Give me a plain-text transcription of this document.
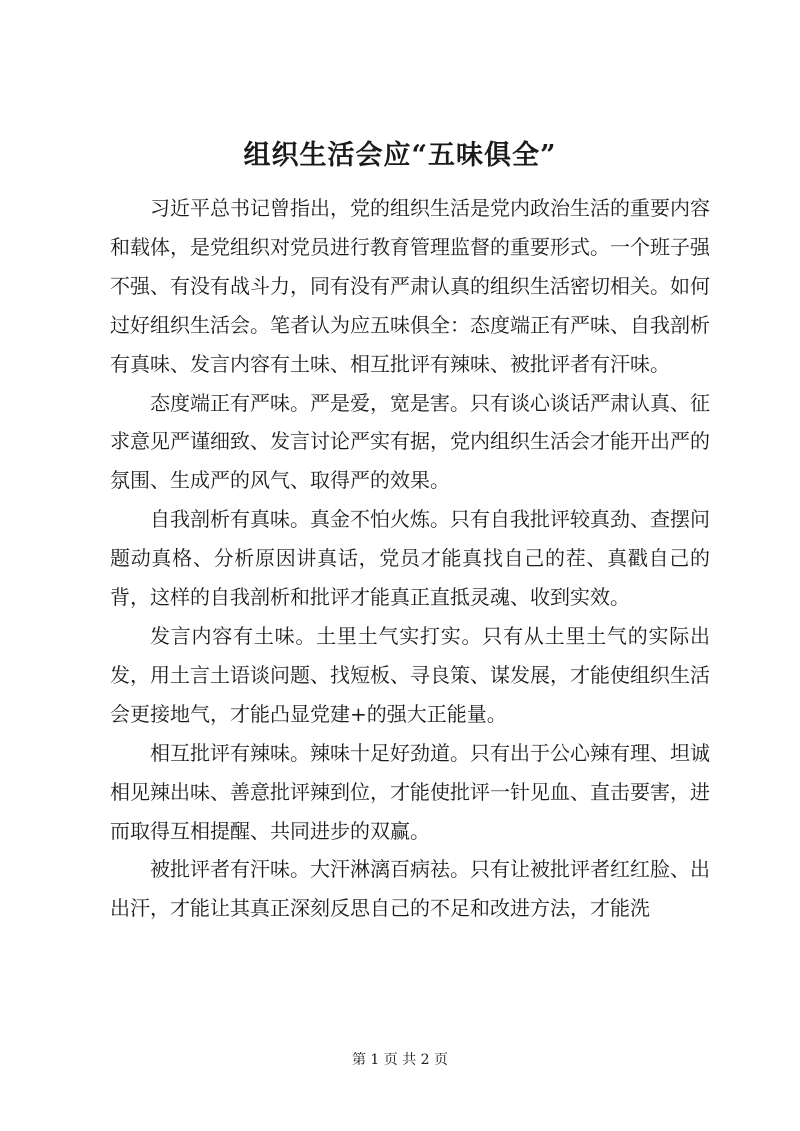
组织生活会应“五味俱全”

习近平总书记曾指出，党的组织生活是党内政治生活的重要内容和载体，是党组织对党员进行教育管理监督的重要形式。一个班子强不强、有没有战斗力，同有没有严肃认真的组织生活密切相关。如何过好组织生活会。笔者认为应五味俱全：态度端正有严味、自我剖析有真味、发言内容有土味、相互批评有辣味、被批评者有汗味。

态度端正有严味。严是爱，宽是害。只有谈心谈话严肃认真、征求意见严谨细致、发言讨论严实有据，党内组织生活会才能开出严的氛围、生成严的风气、取得严的效果。

自我剖析有真味。真金不怕火炼。只有自我批评较真劲、查摆问题动真格、分析原因讲真话，党员才能真找自己的茬、真戳自己的背，这样的自我剖析和批评才能真正直抵灵魂、收到实效。

发言内容有土味。土里土气实打实。只有从土里土气的实际出发，用土言土语谈问题、找短板、寻良策、谋发展，才能使组织生活会更接地气，才能凸显党建+的强大正能量。

相互批评有辣味。辣味十足好劲道。只有出于公心辣有理、坦诚相见辣出味、善意批评辣到位，才能使批评一针见血、直击要害，进而取得互相提醒、共同进步的双赢。

被批评者有汗味。大汗淋漓百病祛。只有让被批评者红红脸、出出汗，才能让其真正深刻反思自己的不足和改进方法，才能洗

第 1 页 共 2 页
